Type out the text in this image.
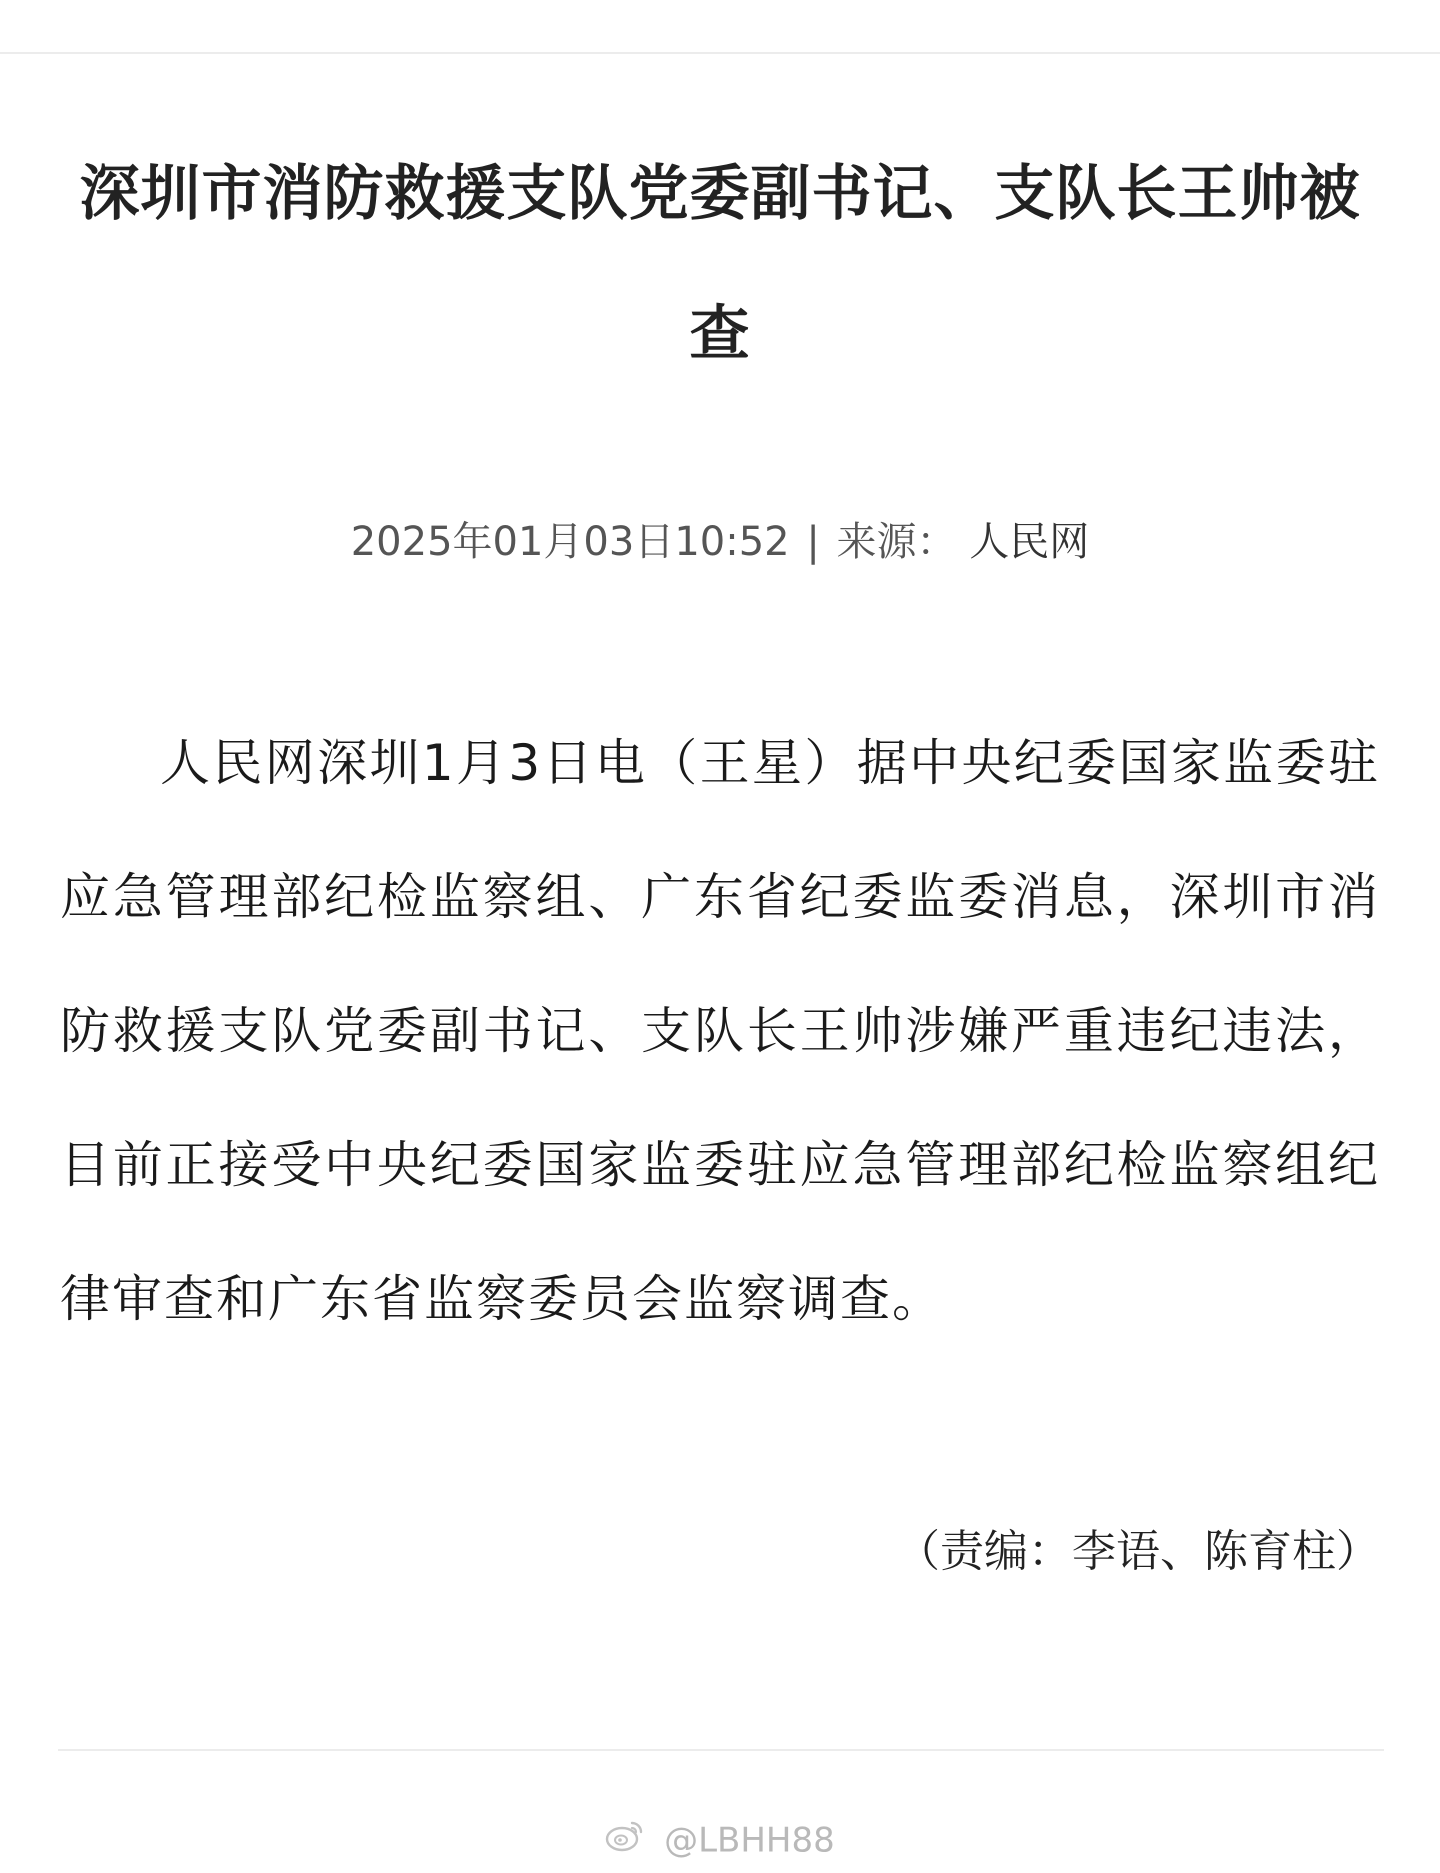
深圳市消防救援支队党委副书记、支队长王帅被查
2025年01月03日10:52 | 来源： 人民网

人民网深圳1月3日电（王星）据中央纪委国家监委驻应急管理部纪检监察组、广东省纪委监委消息，深圳市消防救援支队党委副书记、支队长王帅涉嫌严重违纪违法，目前正接受中央纪委国家监委驻应急管理部纪检监察组纪律审查和广东省监察委员会监察调查。

（责编：李语、陈育柱）
@LBHH88
